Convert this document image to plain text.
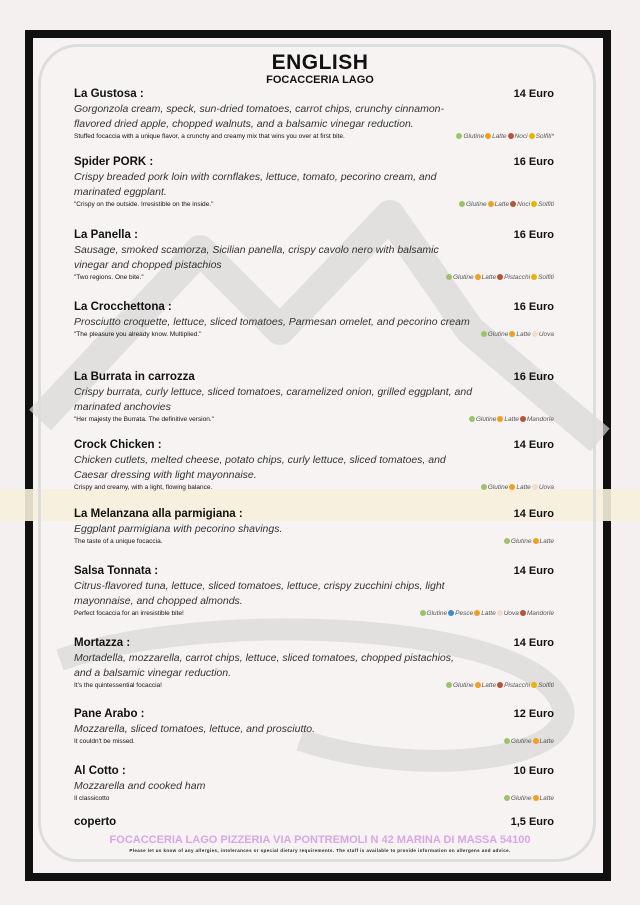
ENGLISH
FOCACCERIA LAGO
La Gustosa :	14 Euro
Gorgonzola cream, speck, sun-dried tomatoes, carrot chips, crunchy cinnamon-flavored dried apple, chopped walnuts, and a balsamic vinegar reduction.
Stuffed focaccia with a unique flavor, a crunchy and creamy mix that wins you over at first bite.	Glutine Latte Noci Solfiti*
Spider PORK :	16 Euro
Crispy breaded pork loin with cornflakes, lettuce, tomato, pecorino cream, and marinated eggplant.
"Crispy on the outside. Irresistible on the inside."	Glutine Latte Noci Solfiti
La Panella :	16 Euro
Sausage, smoked scamorza, Sicilian panella, crispy cavolo nero with balsamic vinegar and chopped pistachios
"Two regions. One bite."	Glutine Latte Pistacchi Solfiti
La Crocchettona :	16 Euro
Prosciutto croquette, lettuce, sliced tomatoes, Parmesan omelet, and pecorino cream
"The pleasure you already know. Multiplied."	Glutine Latte Uova
La Burrata in carrozza	16 Euro
Crispy burrata, curly lettuce, sliced tomatoes, caramelized onion, grilled eggplant, and marinated anchovies
"Her majesty the Burrata. The definitive version."	Glutine Latte Mandorle
Crock Chicken :	14 Euro
Chicken cutlets, melted cheese, potato chips, curly lettuce, sliced tomatoes, and Caesar dressing with light mayonnaise.
Crispy and creamy, with a light, flowing balance.	Glutine Latte Uova
La Melanzana alla parmigiana :	14 Euro
Eggplant parmigiana with pecorino shavings.
The taste of a unique focaccia.	Glutine Latte
Salsa Tonnata :	14 Euro
Citrus-flavored tuna, lettuce, sliced tomatoes, lettuce, crispy zucchini chips, light mayonnaise, and chopped almonds.
Perfect focaccia for an irresistible bite!	Glutine Pesce Latte Uova Mandorle
Mortazza :	14 Euro
Mortadella, mozzarella, carrot chips, lettuce, sliced tomatoes, chopped pistachios, and a balsamic vinegar reduction.
It's the quintessential focaccia!	Glutine Latte Pistacchi Solfiti
Pane Arabo :	12 Euro
Mozzarella, sliced tomatoes, lettuce, and prosciutto.
It couldn't be missed.	Glutine Latte
Al Cotto :	10 Euro
Mozzarella and cooked ham
Il classicotto	Glutine Latte
coperto	1,5 Euro
FOCACCERIA LAGO PIZZERIA VIA PONTREMOLI N 42 MARINA DI MASSA 54100
Please let us know of any allergies, intolerances or special dietary requirements. The staff is available to provide information on allergens and advice.
